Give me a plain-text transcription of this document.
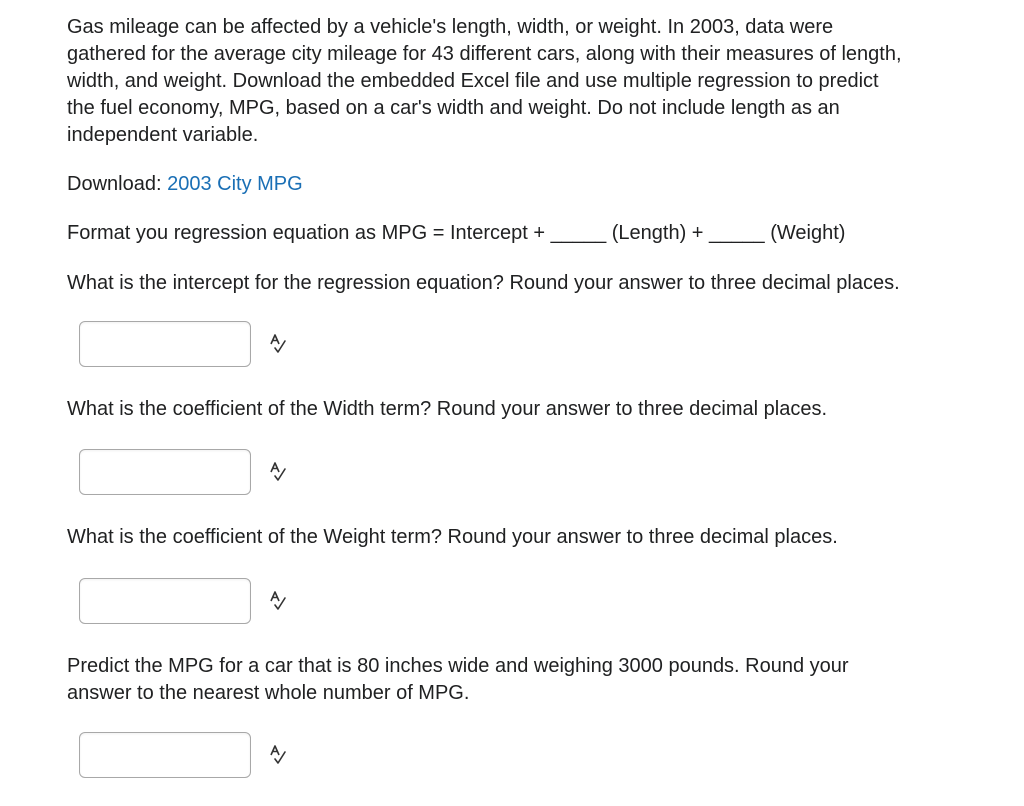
Gas mileage can be affected by a vehicle's length, width, or weight. In 2003, data were gathered for the average city mileage for 43 different cars, along with their measures of length, width, and weight. Download the embedded Excel file and use multiple regression to predict the fuel economy, MPG, based on a car's width and weight. Do not include length as an independent variable.

Download: 2003 City MPG

Format you regression equation as MPG = Intercept + _____ (Length) + _____ (Weight)

What is the intercept for the regression equation? Round your answer to three decimal places.

What is the coefficient of the Width term? Round your answer to three decimal places.

What is the coefficient of the Weight term? Round your answer to three decimal places.

Predict the MPG for a car that is 80 inches wide and weighing 3000 pounds. Round your answer to the nearest whole number of MPG.
